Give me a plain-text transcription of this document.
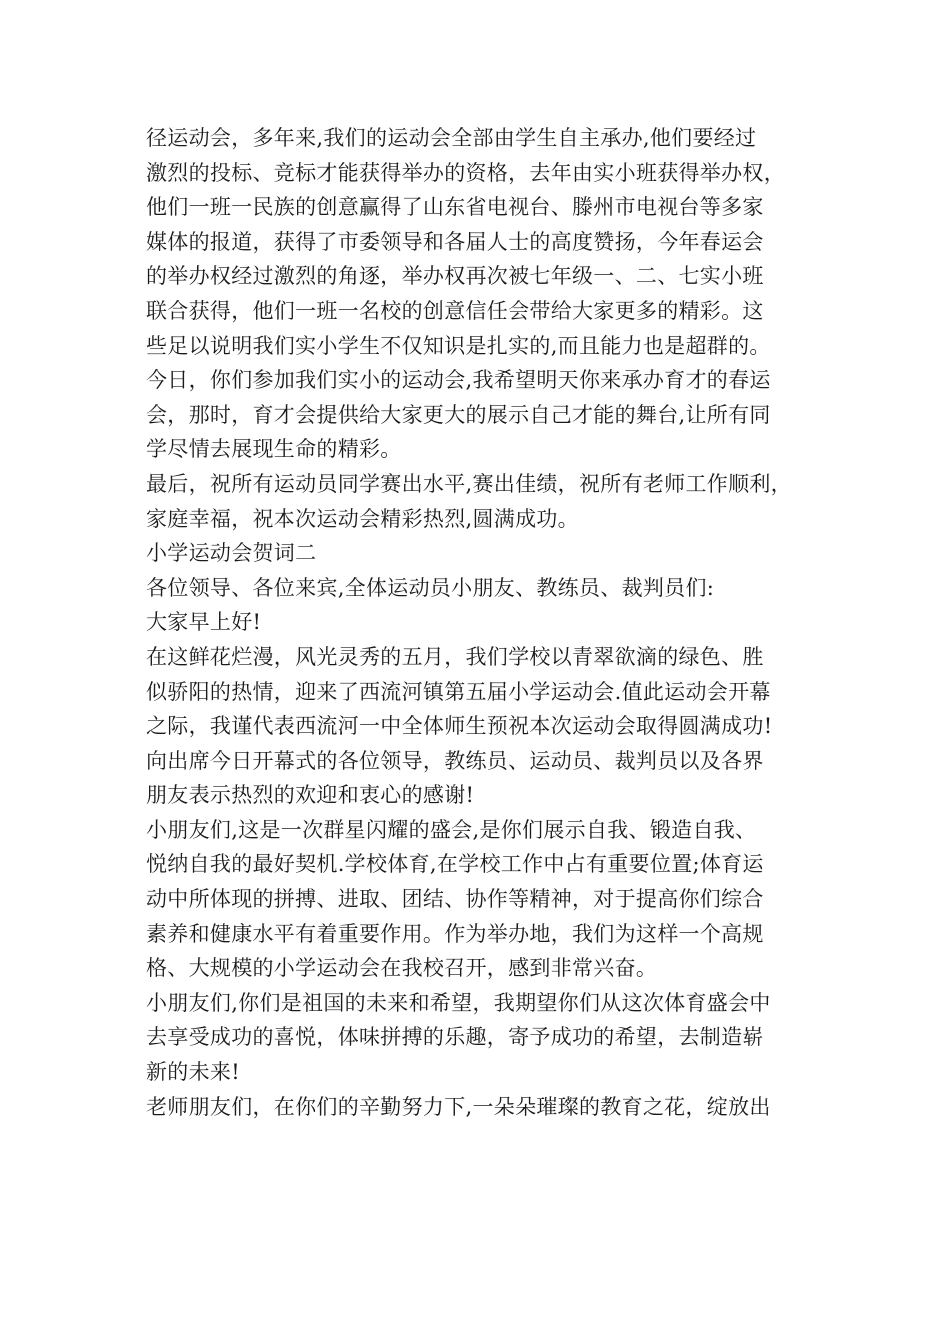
径运动会，多年来,我们的运动会全部由学生自主承办,他们要经过
激烈的投标、竞标才能获得举办的资格，去年由实小班获得举办权，
他们一班一民族的创意赢得了山东省电视台、滕州市电视台等多家
媒体的报道，获得了市委领导和各届人士的高度赞扬，今年春运会
的举办权经过激烈的角逐，举办权再次被七年级一、二、七实小班
联合获得，他们一班一名校的创意信任会带给大家更多的精彩。这
些足以说明我们实小学生不仅知识是扎实的,而且能力也是超群的。
今日，你们参加我们实小的运动会,我希望明天你来承办育才的春运
会，那时，育才会提供给大家更大的展示自己才能的舞台,让所有同
学尽情去展现生命的精彩。
最后，祝所有运动员同学赛出水平,赛出佳绩，祝所有老师工作顺利，
家庭幸福，祝本次运动会精彩热烈,圆满成功。
小学运动会贺词二
各位领导、各位来宾,全体运动员小朋友、教练员、裁判员们:
大家早上好!
在这鲜花烂漫，风光灵秀的五月，我们学校以青翠欲滴的绿色、胜
似骄阳的热情，迎来了西流河镇第五届小学运动会.值此运动会开幕
之际，我谨代表西流河一中全体师生预祝本次运动会取得圆满成功!
向出席今日开幕式的各位领导，教练员、运动员、裁判员以及各界
朋友表示热烈的欢迎和衷心的感谢!
小朋友们,这是一次群星闪耀的盛会,是你们展示自我、锻造自我、
悦纳自我的最好契机.学校体育,在学校工作中占有重要位置;体育运
动中所体现的拼搏、进取、团结、协作等精神，对于提高你们综合
素养和健康水平有着重要作用。作为举办地，我们为这样一个高规
格、大规模的小学运动会在我校召开，感到非常兴奋。
小朋友们,你们是祖国的未来和希望，我期望你们从这次体育盛会中
去享受成功的喜悦，体味拼搏的乐趣，寄予成功的希望，去制造崭
新的未来!
老师朋友们，在你们的辛勤努力下,一朵朵璀璨的教育之花，绽放出
